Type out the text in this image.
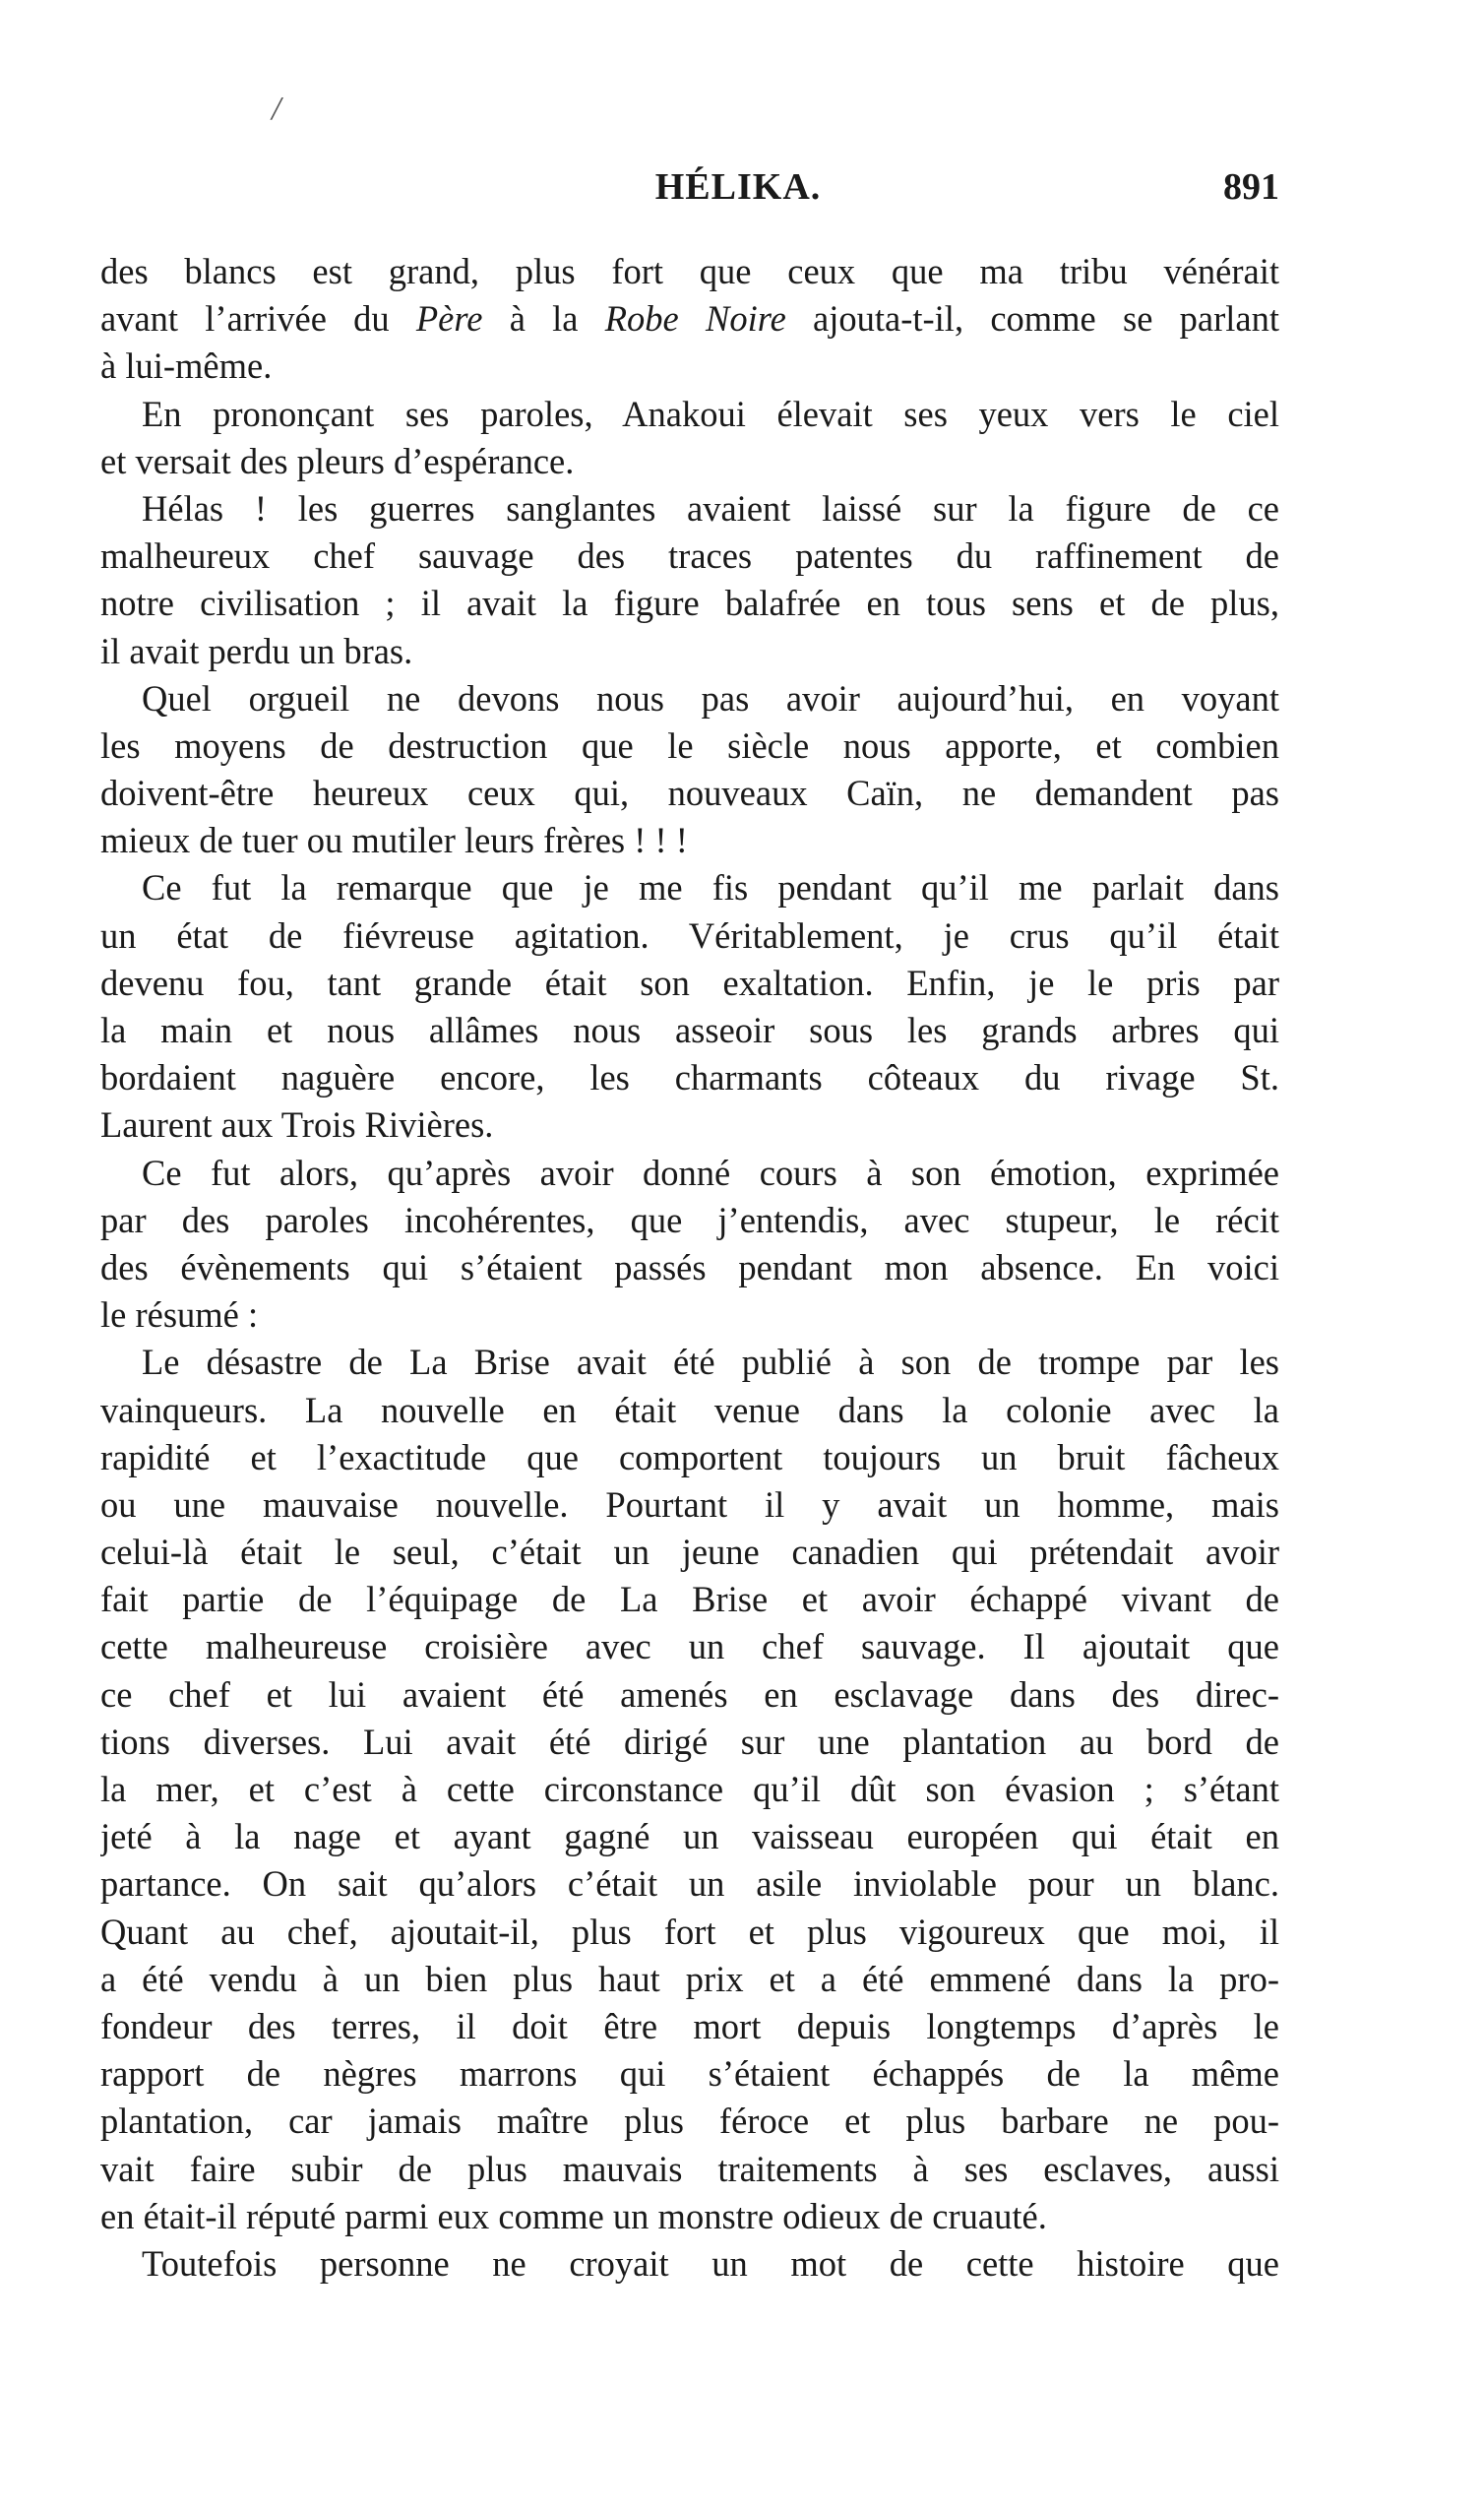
/
HÉLIKA.	891
des blancs est grand, plus fort que ceux que ma tribu vénérait
avant l’arrivée du Père à la Robe Noire ajouta-t-il, comme se parlant
à lui-même.
En prononçant ses paroles, Anakoui élevait ses yeux vers le ciel
et versait des pleurs d’espérance.
Hélas ! les guerres sanglantes avaient laissé sur la figure de ce
malheureux chef sauvage des traces patentes du raffinement de
notre civilisation ; il avait la figure balafrée en tous sens et de plus,
il avait perdu un bras.
Quel orgueil ne devons nous pas avoir aujourd’hui, en voyant
les moyens de destruction que le siècle nous apporte, et combien
doivent-être heureux ceux qui, nouveaux Caïn, ne demandent pas
mieux de tuer ou mutiler leurs frères ! ! !
Ce fut la remarque que je me fis pendant qu’il me parlait dans
un état de fiévreuse agitation. Véritablement, je crus qu’il était
devenu fou, tant grande était son exaltation. Enfin, je le pris par
la main et nous allâmes nous asseoir sous les grands arbres qui
bordaient naguère encore, les charmants côteaux du rivage St.
Laurent aux Trois Rivières.
Ce fut alors, qu’après avoir donné cours à son émotion, exprimée
par des paroles incohérentes, que j’entendis, avec stupeur, le récit
des évènements qui s’étaient passés pendant mon absence. En voici
le résumé :
Le désastre de La Brise avait été publié à son de trompe par les
vainqueurs. La nouvelle en était venue dans la colonie avec la
rapidité et l’exactitude que comportent toujours un bruit fâcheux
ou une mauvaise nouvelle. Pourtant il y avait un homme, mais
celui-là était le seul, c’était un jeune canadien qui prétendait avoir
fait partie de l’équipage de La Brise et avoir échappé vivant de
cette malheureuse croisière avec un chef sauvage. Il ajoutait que
ce chef et lui avaient été amenés en esclavage dans des direc-
tions diverses. Lui avait été dirigé sur une plantation au bord de
la mer, et c’est à cette circonstance qu’il dût son évasion ; s’étant
jeté à la nage et ayant gagné un vaisseau européen qui était en
partance. On sait qu’alors c’était un asile inviolable pour un blanc.
Quant au chef, ajoutait-il, plus fort et plus vigoureux que moi, il
a été vendu à un bien plus haut prix et a été emmené dans la pro-
fondeur des terres, il doit être mort depuis longtemps d’après le
rapport de nègres marrons qui s’étaient échappés de la même
plantation, car jamais maître plus féroce et plus barbare ne pou-
vait faire subir de plus mauvais traitements à ses esclaves, aussi
en était-il réputé parmi eux comme un monstre odieux de cruauté.
Toutefois personne ne croyait un mot de cette histoire que
